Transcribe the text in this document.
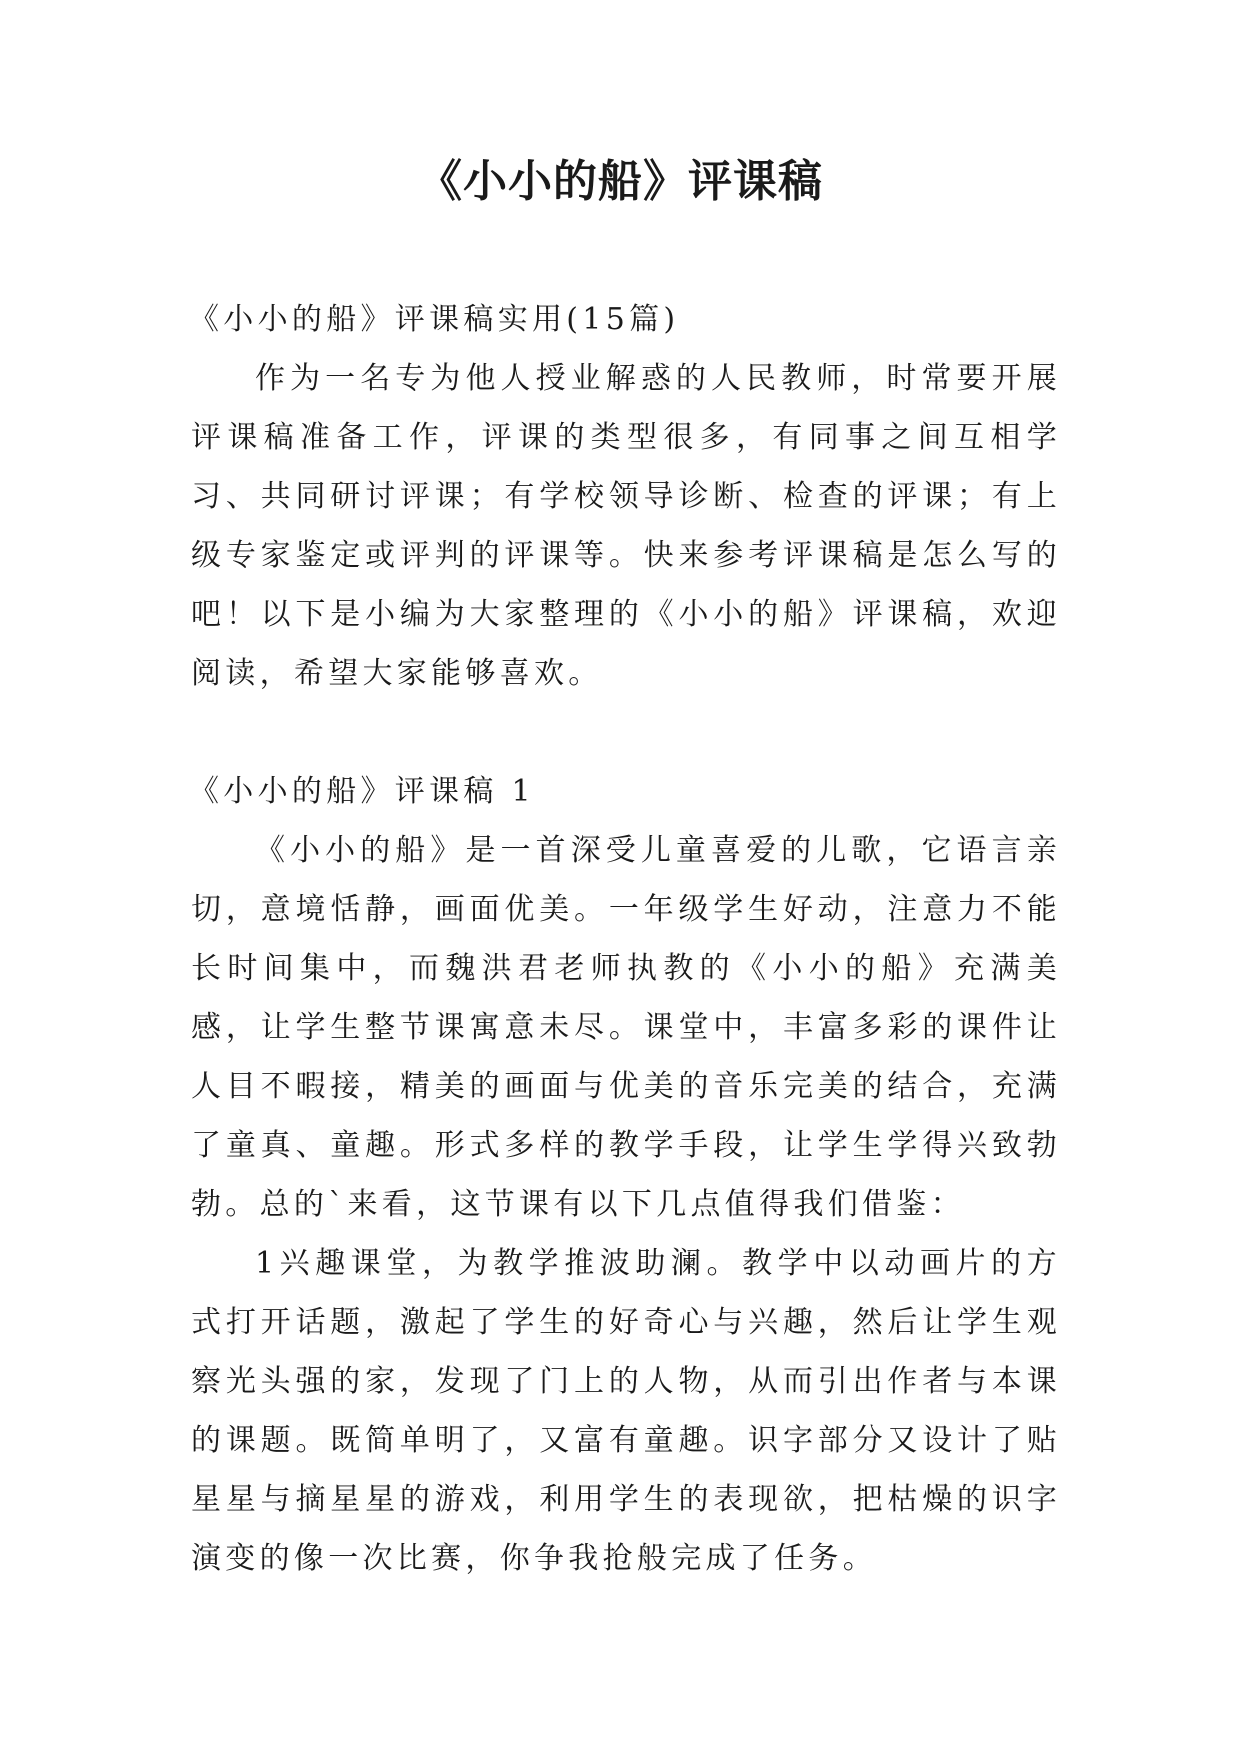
《小小的船》评课稿

《小小的船》评课稿实用(15篇)

作为一名专为他人授业解惑的人民教师，时常要开展评课稿准备工作，评课的类型很多，有同事之间互相学习、共同研讨评课；有学校领导诊断、检查的评课；有上级专家鉴定或评判的评课等。快来参考评课稿是怎么写的吧！以下是小编为大家整理的《小小的船》评课稿，欢迎阅读，希望大家能够喜欢。

《小小的船》评课稿 1

《小小的船》是一首深受儿童喜爱的儿歌，它语言亲切，意境恬静，画面优美。一年级学生好动，注意力不能长时间集中，而魏洪君老师执教的《小小的船》充满美感，让学生整节课寓意未尽。课堂中，丰富多彩的课件让人目不暇接，精美的画面与优美的音乐完美的结合，充满了童真、童趣。形式多样的教学手段，让学生学得兴致勃勃。总的`来看，这节课有以下几点值得我们借鉴：

1兴趣课堂，为教学推波助澜。教学中以动画片的方式打开话题，激起了学生的好奇心与兴趣，然后让学生观察光头强的家，发现了门上的人物，从而引出作者与本课的课题。既简单明了，又富有童趣。识字部分又设计了贴星星与摘星星的游戏，利用学生的表现欲，把枯燥的识字演变的像一次比赛，你争我抢般完成了任务。
